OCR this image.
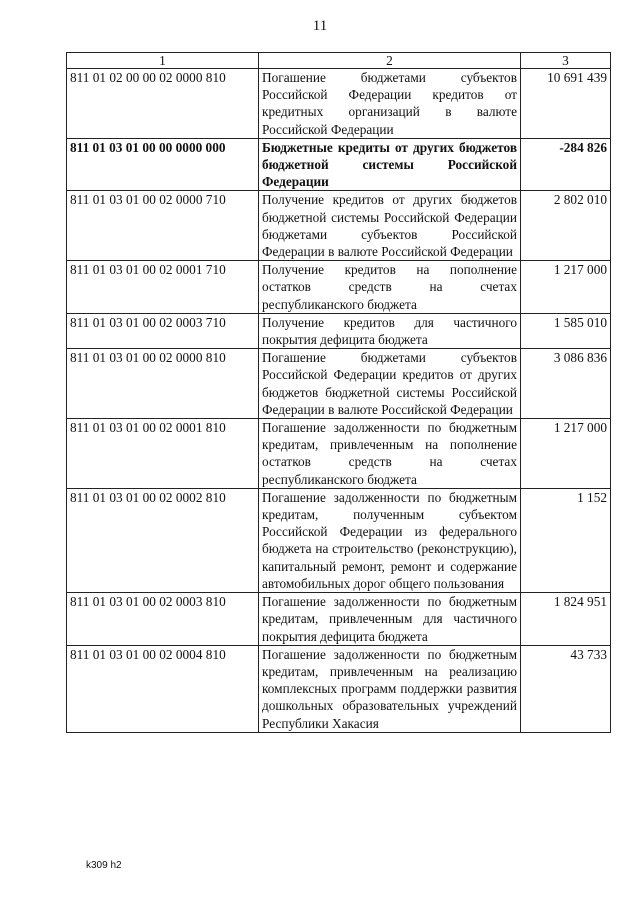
11
1	2	3
811 01 02 00 00 02 0000 810	Погашение бюджетами субъектов Российской Федерации кредитов от кредитных организаций в валюте Российской Федерации	10 691 439
811 01 03 01 00 00 0000 000	Бюджетные кредиты от других бюджетов бюджетной системы Российской Федерации	-284 826
811 01 03 01 00 02 0000 710	Получение кредитов от других бюджетов бюджетной системы Российской Федерации бюджетами субъектов Российской Федерации в валюте Российской Федерации	2 802 010
811 01 03 01 00 02 0001 710	Получение кредитов на пополнение остатков средств на счетах республиканского бюджета	1 217 000
811 01 03 01 00 02 0003 710	Получение кредитов для частичного покрытия дефицита бюджета	1 585 010
811 01 03 01 00 02 0000 810	Погашение бюджетами субъектов Российской Федерации кредитов от других бюджетов бюджетной системы Российской Федерации в валюте Российской Федерации	3 086 836
811 01 03 01 00 02 0001 810	Погашение задолженности по бюджетным кредитам, привлеченным на пополнение остатков средств на счетах республиканского бюджета	1 217 000
811 01 03 01 00 02 0002 810	Погашение задолженности по бюджетным кредитам, полученным субъектом Российской Федерации из федерального бюджета на строительство (реконструкцию), капитальный ремонт, ремонт и содержание автомобильных дорог общего пользования	1 152
811 01 03 01 00 02 0003 810	Погашение задолженности по бюджетным кредитам, привлеченным для частичного покрытия дефицита бюджета	1 824 951
811 01 03 01 00 02 0004 810	Погашение задолженности по бюджетным кредитам, привлеченным на реализацию комплексных программ поддержки развития дошкольных образовательных учреждений Республики Хакасия	43 733
k309 h2
